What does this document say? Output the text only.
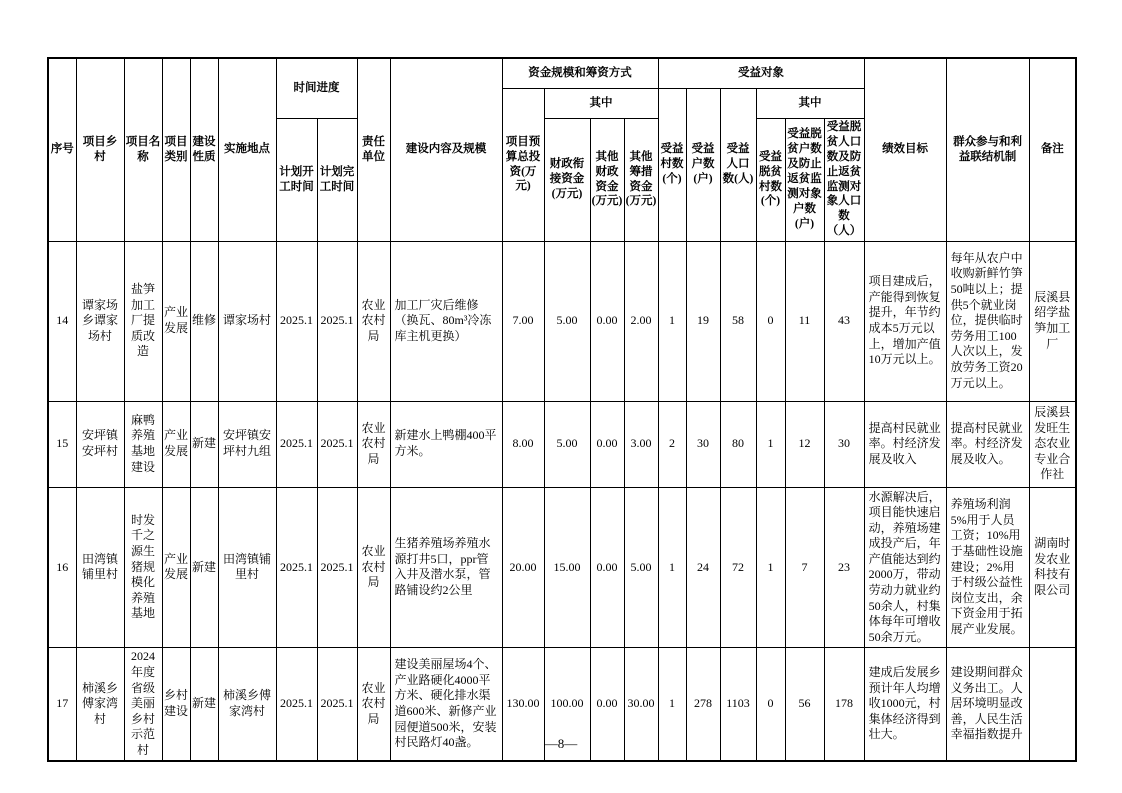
序号	项目乡村	项目名称	项目类别	建设性质	实施地点	时间进度		责任单位	建设内容及规模	资金规模和筹资方式				受益对象						绩效目标	群众参与和利益联结机制	备注
										项目预算总投资(万元)	其中			受益村数(个)	受益户数(户)	受益人口数(人)	其中					
						计划开工时间	计划完工时间				财政衔接资金(万元)	其他财政资金(万元)	其他筹措资金(万元)				受益脱贫村数(个)	受益脱贫户数及防止返贫监测对象户数(户)	受益脱贫人口数及防止返贫监测对象人口数（人）			
14	谭家场乡谭家场村	盐笋加工厂提质改造	产业发展	维修	谭家场村	2025.1	2025.1	农业农村局	加工厂灾后维修（换瓦、80m³冷冻库主机更换）	7.00	5.00	0.00	2.00	1	19	58	0	11	43	项目建成后，产能得到恢复提升，年节约成本5万元以上，增加产值10万元以上。	每年从农户中收购新鲜竹笋50吨以上；提供5个就业岗位，提供临时劳务用工100人次以上，发放劳务工资20万元以上。	辰溪县绍学盐笋加工厂
15	安坪镇安坪村	麻鸭养殖基地建设	产业发展	新建	安坪镇安坪村九组	2025.1	2025.1	农业农村局	新建水上鸭棚400平方米。	8.00	5.00	0.00	3.00	2	30	80	1	12	30	提高村民就业率。村经济发展及收入	提高村民就业率。村经济发展及收入。	辰溪县发旺生态农业专业合作社
16	田湾镇铺里村	时发千之源生猪规模化养殖基地	产业发展	新建	田湾镇铺里村	2025.1	2025.1	农业农村局	生猪养殖场养殖水源打井5口，ppr管入井及潜水泵，管路铺设约2公里	20.00	15.00	0.00	5.00	1	24	72	1	7	23	水源解决后，项目能快速启动，养殖场建成投产后，年产值能达到约2000万，带动劳动力就业约50余人，村集体每年可增收50余万元。	养殖场利润5%用于人员工资；10%用于基础性设施建设；2%用于村级公益性岗位支出，余下资金用于拓展产业发展。	湖南时发农业科技有限公司
17	柿溪乡傅家湾村	2024年度省级美丽乡村示范村	乡村建设	新建	柿溪乡傅家湾村	2025.1	2025.1	农业农村局	建设美丽屋场4个、产业路硬化4000平方米、硬化排水渠道600米、新修产业园便道500米，安装村民路灯40盏。	130.00	100.00	0.00	30.00	1	278	1103	0	56	178	建成后发展乡预计年人均增收1000元，村集体经济得到壮大。	建设期间群众义务出工。人居环境明显改善，人民生活幸福指数提升	
—8—
